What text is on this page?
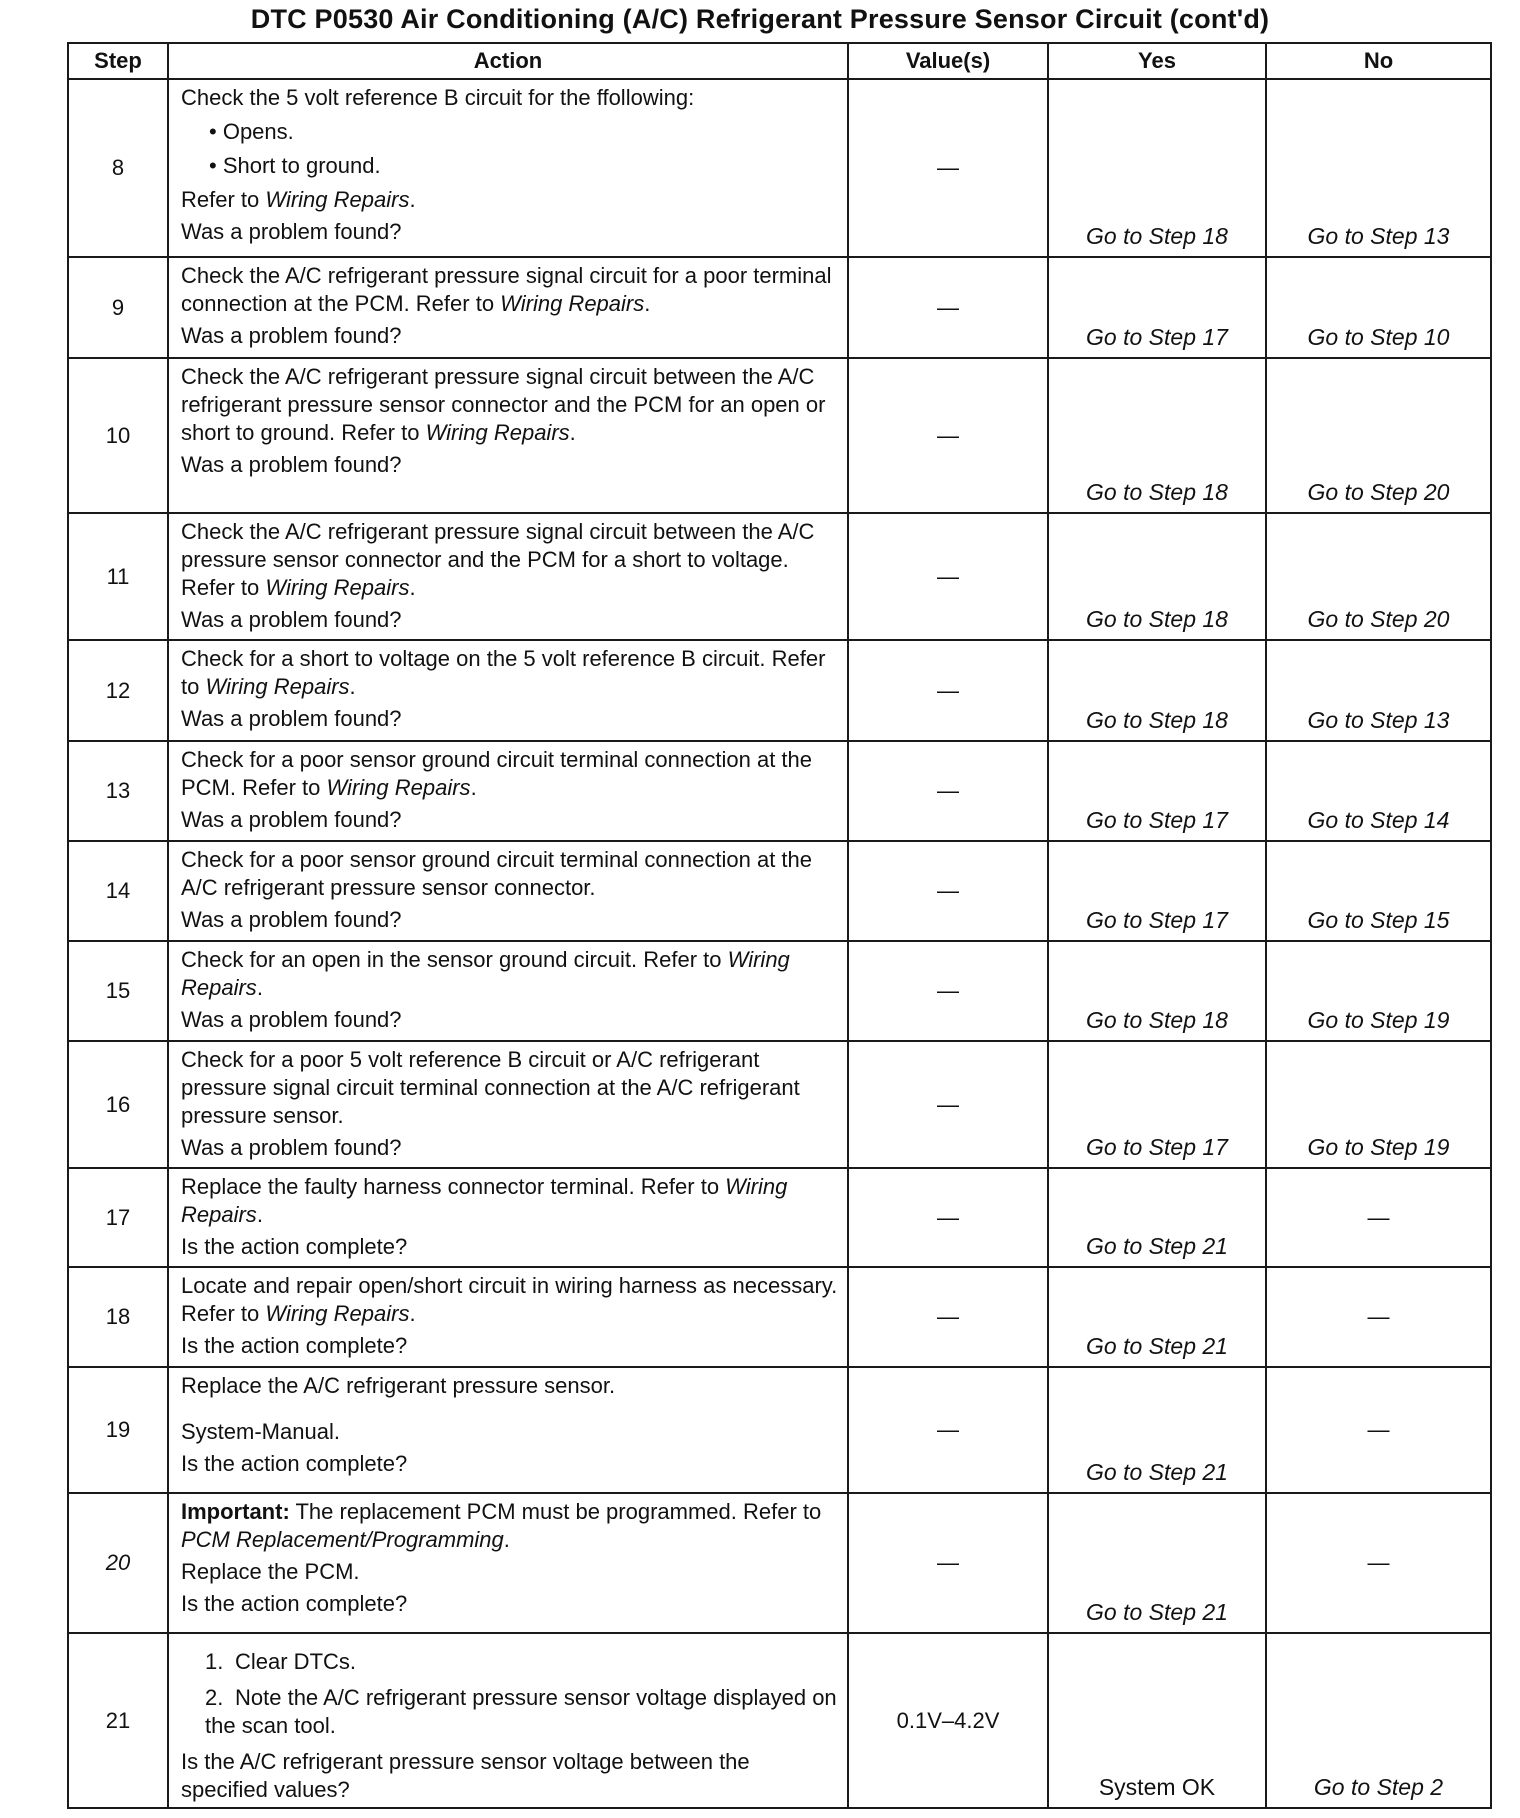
DTC P0530 Air Conditioning (A/C) Refrigerant Pressure Sensor Circuit (cont'd)
Step	Action	Value(s)	Yes	No
8	Check the 5 volt reference B circuit for the ffollowing:
• Opens.
• Short to ground.
Refer to Wiring Repairs.
Was a problem found?	—	Go to Step 18	Go to Step 13
9	Check the A/C refrigerant pressure signal circuit for a poor terminal connection at the PCM. Refer to Wiring Repairs.
Was a problem found?	—	Go to Step 17	Go to Step 10
10	Check the A/C refrigerant pressure signal circuit between the A/C refrigerant pressure sensor connector and the PCM for an open or short to ground. Refer to Wiring Repairs.
Was a problem found?	—	Go to Step 18	Go to Step 20
11	Check the A/C refrigerant pressure signal circuit between the A/C pressure sensor connector and the PCM for a short to voltage. Refer to Wiring Repairs.
Was a problem found?	—	Go to Step 18	Go to Step 20
12	Check for a short to voltage on the 5 volt reference B circuit. Refer to Wiring Repairs.
Was a problem found?	—	Go to Step 18	Go to Step 13
13	Check for a poor sensor ground circuit terminal connection at the PCM. Refer to Wiring Repairs.
Was a problem found?	—	Go to Step 17	Go to Step 14
14	Check for a poor sensor ground circuit terminal connection at the A/C refrigerant pressure sensor connector.
Was a problem found?	—	Go to Step 17	Go to Step 15
15	Check for an open in the sensor ground circuit. Refer to Wiring Repairs.
Was a problem found?	—	Go to Step 18	Go to Step 19
16	Check for a poor 5 volt reference B circuit or A/C refrigerant pressure signal circuit terminal connection at the A/C refrigerant pressure sensor.
Was a problem found?	—	Go to Step 17	Go to Step 19
17	Replace the faulty harness connector terminal. Refer to Wiring Repairs.
Is the action complete?	—	Go to Step 21	—
18	Locate and repair open/short circuit in wiring harness as necessary. Refer to Wiring Repairs.
Is the action complete?	—	Go to Step 21	—
19	Replace the A/C refrigerant pressure sensor.
System-Manual.
Is the action complete?	—	Go to Step 21	—
20	Important: The replacement PCM must be programmed. Refer to PCM Replacement/Programming.
Replace the PCM.
Is the action complete?	—	Go to Step 21	—
21	1. Clear DTCs.
2. Note the A/C refrigerant pressure sensor voltage displayed on the scan tool.
Is the A/C refrigerant pressure sensor voltage between the specified values?	0.1V–4.2V	System OK	Go to Step 2
